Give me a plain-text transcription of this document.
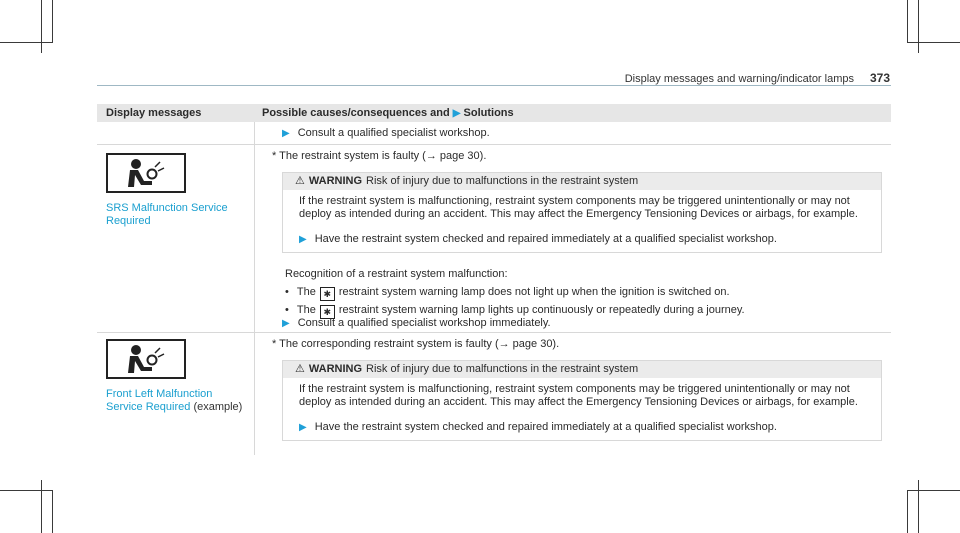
Display messages and warning/indicator lamps	373
Display messages	Possible causes/consequences and ▶ Solutions
▶ Consult a qualified specialist workshop.
SRS Malfunction Service
Required
* The restraint system is faulty (→ page 30).
⚠ WARNING Risk of injury due to malfunctions in the restraint system

If the restraint system is malfunctioning, restraint system components may be triggered unintentionally or may not deploy as intended during an accident. This may affect the Emergency Tensioning Devices or airbags, for example.

▶ Have the restraint system checked and repaired immediately at a qualified specialist workshop.

Recognition of a restraint system malfunction:
• The ✱ restraint system warning lamp does not light up when the ignition is switched on.
• The ✱ restraint system warning lamp lights up continuously or repeatedly during a journey.
▶ Consult a qualified specialist workshop immediately.
Front Left Malfunction
Service Required (example)
* The corresponding restraint system is faulty (→ page 30).
⚠ WARNING Risk of injury due to malfunctions in the restraint system

If the restraint system is malfunctioning, restraint system components may be triggered unintentionally or may not deploy as intended during an accident. This may affect the Emergency Tensioning Devices or airbags, for example.

▶ Have the restraint system checked and repaired immediately at a qualified specialist workshop.
